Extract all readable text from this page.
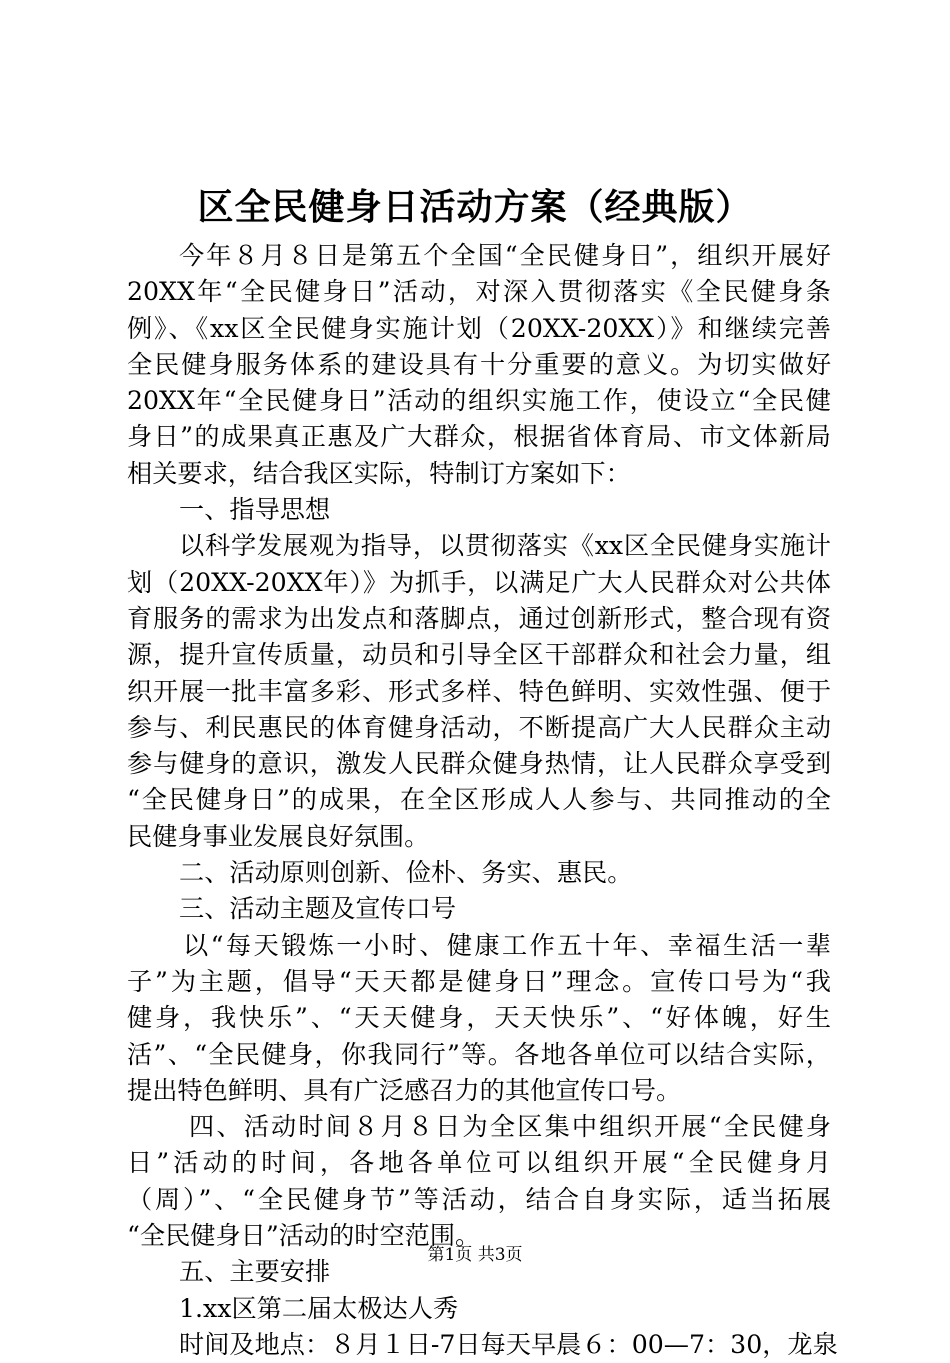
区全民健身日活动方案（经典版）
今年８月８日是第五个全国“全民健身日”，组织开展好
20XX年“全民健身日”活动，对深入贯彻落实《全民健身条
例》、《xx区全民健身实施计划（20XX-20XX）》和继续完善
全民健身服务体系的建设具有十分重要的意义。为切实做好
20XX年“全民健身日”活动的组织实施工作，使设立“全民健
身日”的成果真正惠及广大群众，根据省体育局、市文体新局
相关要求，结合我区实际，特制订方案如下：
一、指导思想
以科学发展观为指导，以贯彻落实《xx区全民健身实施计
划（20XX-20XX年）》为抓手，以满足广大人民群众对公共体
育服务的需求为出发点和落脚点，通过创新形式，整合现有资
源，提升宣传质量，动员和引导全区干部群众和社会力量，组
织开展一批丰富多彩、形式多样、特色鲜明、实效性强、便于
参与、利民惠民的体育健身活动，不断提高广大人民群众主动
参与健身的意识，激发人民群众健身热情，让人民群众享受到
“全民健身日”的成果，在全区形成人人参与、共同推动的全
民健身事业发展良好氛围。
二、活动原则创新、俭朴、务实、惠民。
三、活动主题及宣传口号
以“每天锻炼一小时、健康工作五十年、幸福生活一辈
子”为主题，倡导“天天都是健身日”理念。宣传口号为“我
健身，我快乐”、“天天健身，天天快乐”、“好体魄，好生
活”、“全民健身，你我同行”等。各地各单位可以结合实际，
提出特色鲜明、具有广泛感召力的其他宣传口号。
四、活动时间８月８日为全区集中组织开展“全民健身
日”活动的时间，各地各单位可以组织开展“全民健身月
（周）”、“全民健身节”等活动，结合自身实际，适当拓展
“全民健身日”活动的时空范围。
五、主要安排
1.xx区第二届太极达人秀
时间及地点：８月１日-7日每天早晨６：00—7：30，龙泉
第1页 共3页
